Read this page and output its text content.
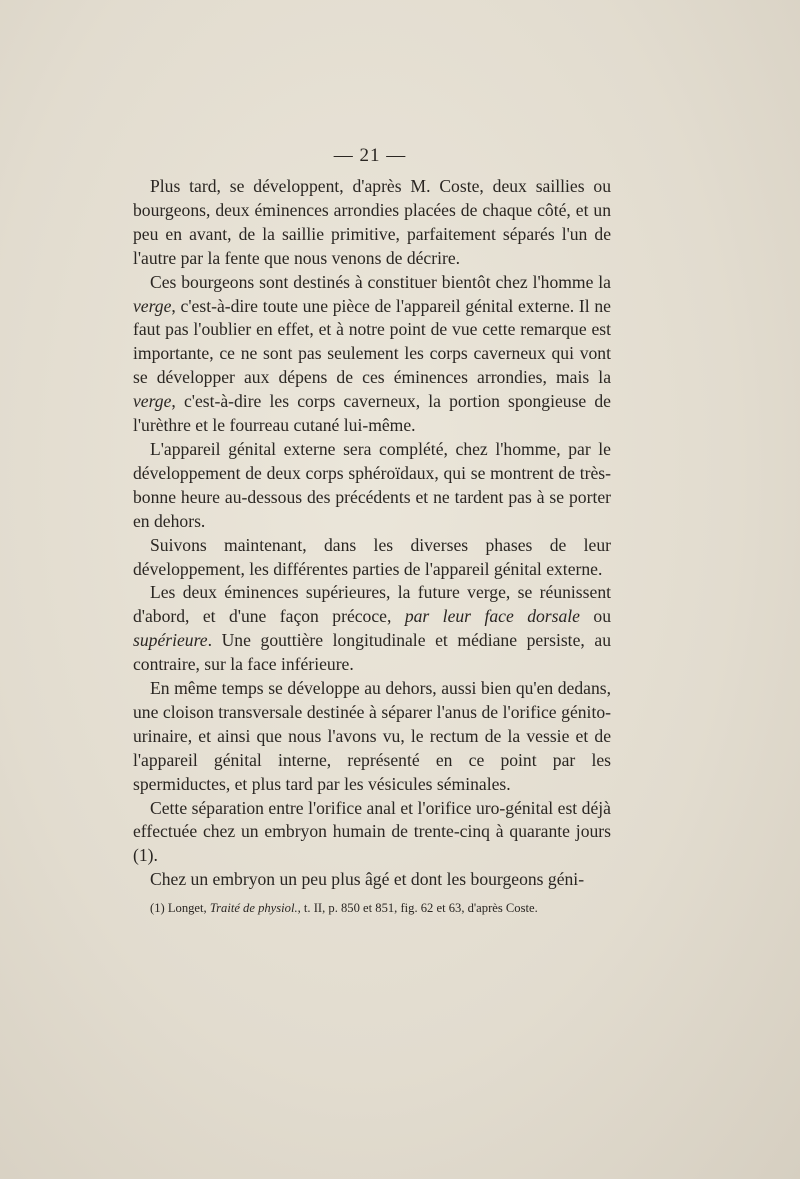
— 21 —

Plus tard, se développent, d'après M. Coste, deux saillies ou bourgeons, deux éminences arrondies placées de chaque côté, et un peu en avant, de la saillie primitive, parfaitement séparés l'un de l'autre par la fente que nous venons de décrire.

Ces bourgeons sont destinés à constituer bientôt chez l'homme la verge, c'est-à-dire toute une pièce de l'appareil génital externe. Il ne faut pas l'oublier en effet, et à notre point de vue cette remarque est importante, ce ne sont pas seulement les corps caverneux qui vont se développer aux dépens de ces éminences arrondies, mais la verge, c'est-à-dire les corps caverneux, la portion spongieuse de l'urèthre et le fourreau cutané lui-même.

L'appareil génital externe sera complété, chez l'homme, par le développement de deux corps sphéroïdaux, qui se montrent de très-bonne heure au-dessous des précédents et ne tardent pas à se porter en dehors.

Suivons maintenant, dans les diverses phases de leur développement, les différentes parties de l'appareil génital externe.

Les deux éminences supérieures, la future verge, se réunissent d'abord, et d'une façon précoce, par leur face dorsale ou supérieure. Une gouttière longitudinale et médiane persiste, au contraire, sur la face inférieure.

En même temps se développe au dehors, aussi bien qu'en dedans, une cloison transversale destinée à séparer l'anus de l'orifice génito-urinaire, et ainsi que nous l'avons vu, le rectum de la vessie et de l'appareil génital interne, représenté en ce point par les spermiductes, et plus tard par les vésicules séminales.

Cette séparation entre l'orifice anal et l'orifice uro-génital est déjà effectuée chez un embryon humain de trente-cinq à quarante jours (1).

Chez un embryon un peu plus âgé et dont les bourgeons géni-

(1) Longet, Traité de physiol., t. II, p. 850 et 851, fig. 62 et 63, d'après Coste.
